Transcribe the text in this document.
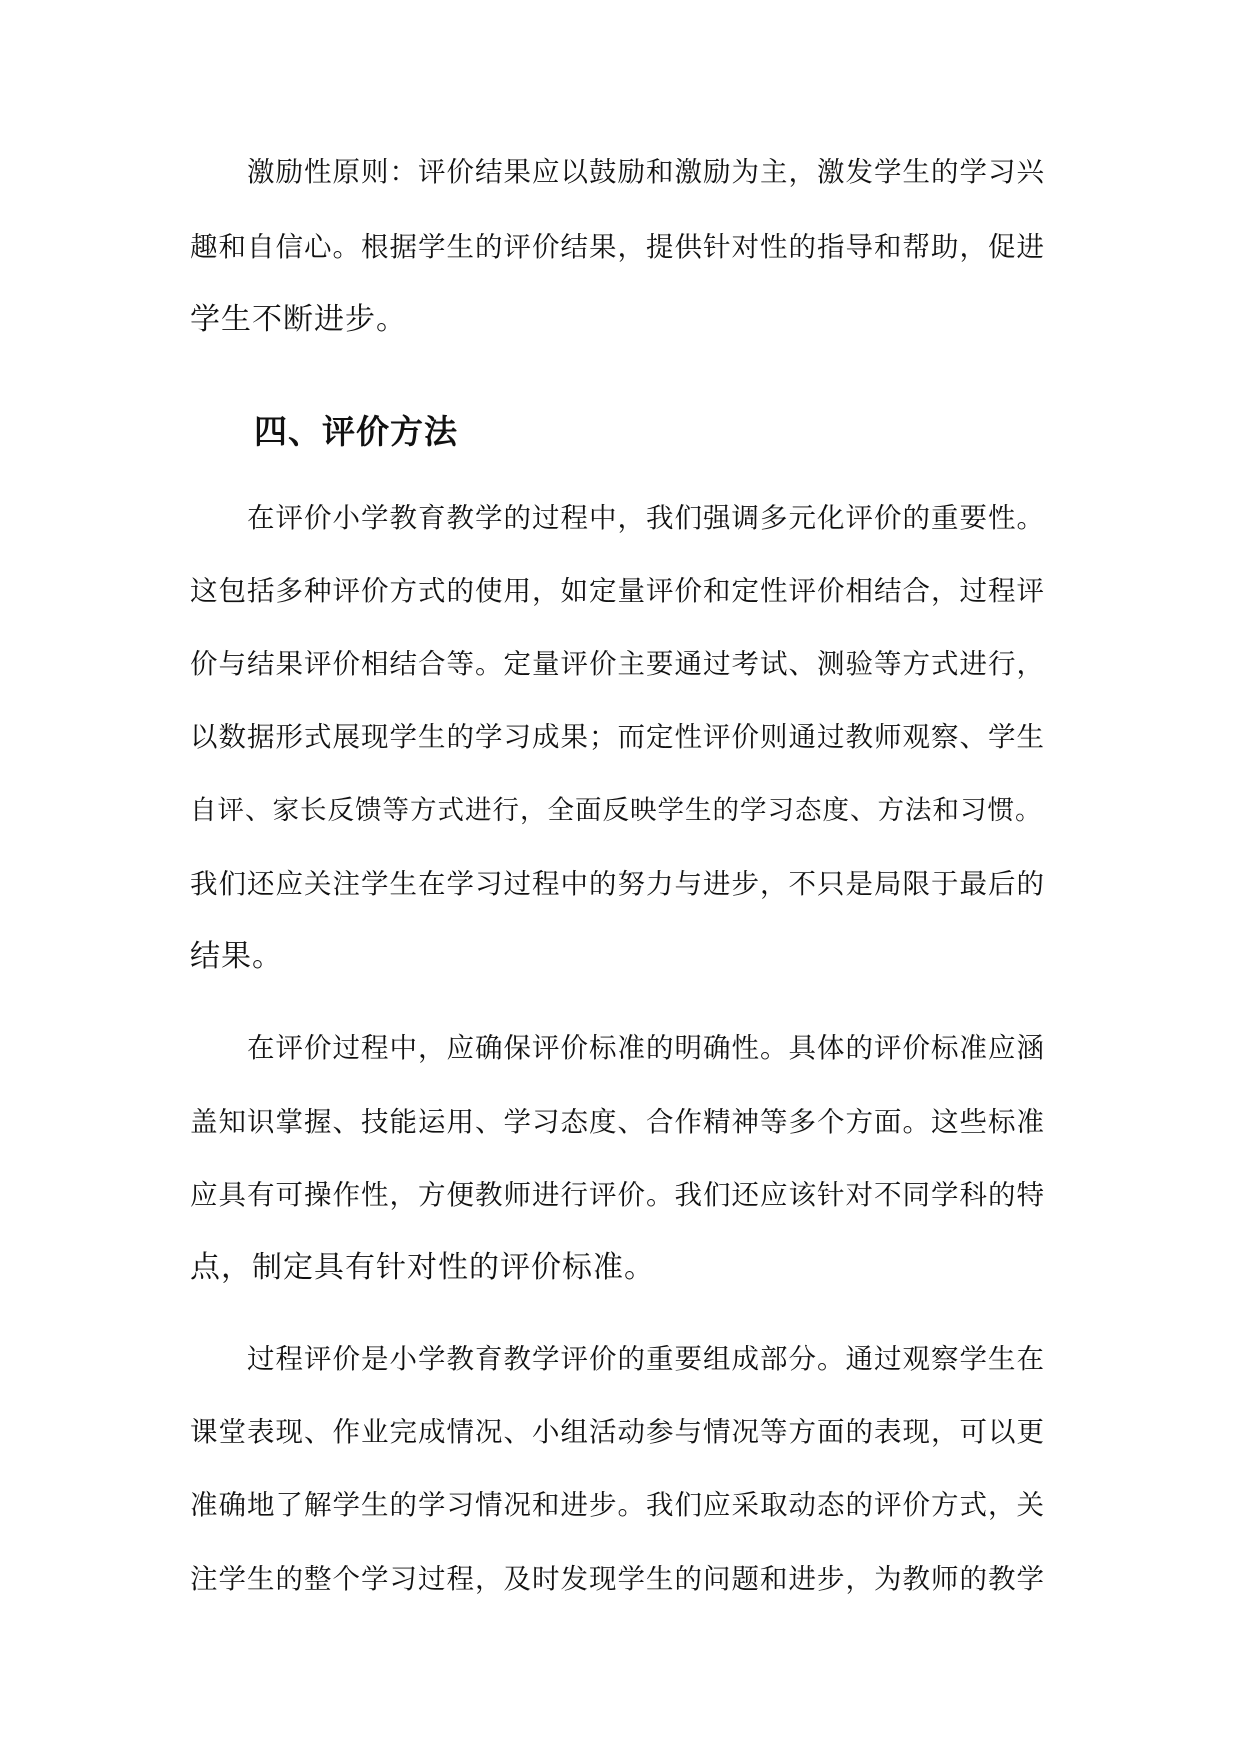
激励性原则：评价结果应以鼓励和激励为主，激发学生的学习兴
趣和自信心。根据学生的评价结果，提供针对性的指导和帮助，促进
学生不断进步。
四、评价方法
在评价小学教育教学的过程中，我们强调多元化评价的重要性。
这包括多种评价方式的使用，如定量评价和定性评价相结合，过程评
价与结果评价相结合等。定量评价主要通过考试、测验等方式进行，
以数据形式展现学生的学习成果；而定性评价则通过教师观察、学生
自评、家长反馈等方式进行，全面反映学生的学习态度、方法和习惯。
我们还应关注学生在学习过程中的努力与进步，不只是局限于最后的
结果。
在评价过程中，应确保评价标准的明确性。具体的评价标准应涵
盖知识掌握、技能运用、学习态度、合作精神等多个方面。这些标准
应具有可操作性，方便教师进行评价。我们还应该针对不同学科的特
点，制定具有针对性的评价标准。
过程评价是小学教育教学评价的重要组成部分。通过观察学生在
课堂表现、作业完成情况、小组活动参与情况等方面的表现，可以更
准确地了解学生的学习情况和进步。我们应采取动态的评价方式，关
注学生的整个学习过程，及时发现学生的问题和进步，为教师的教学
